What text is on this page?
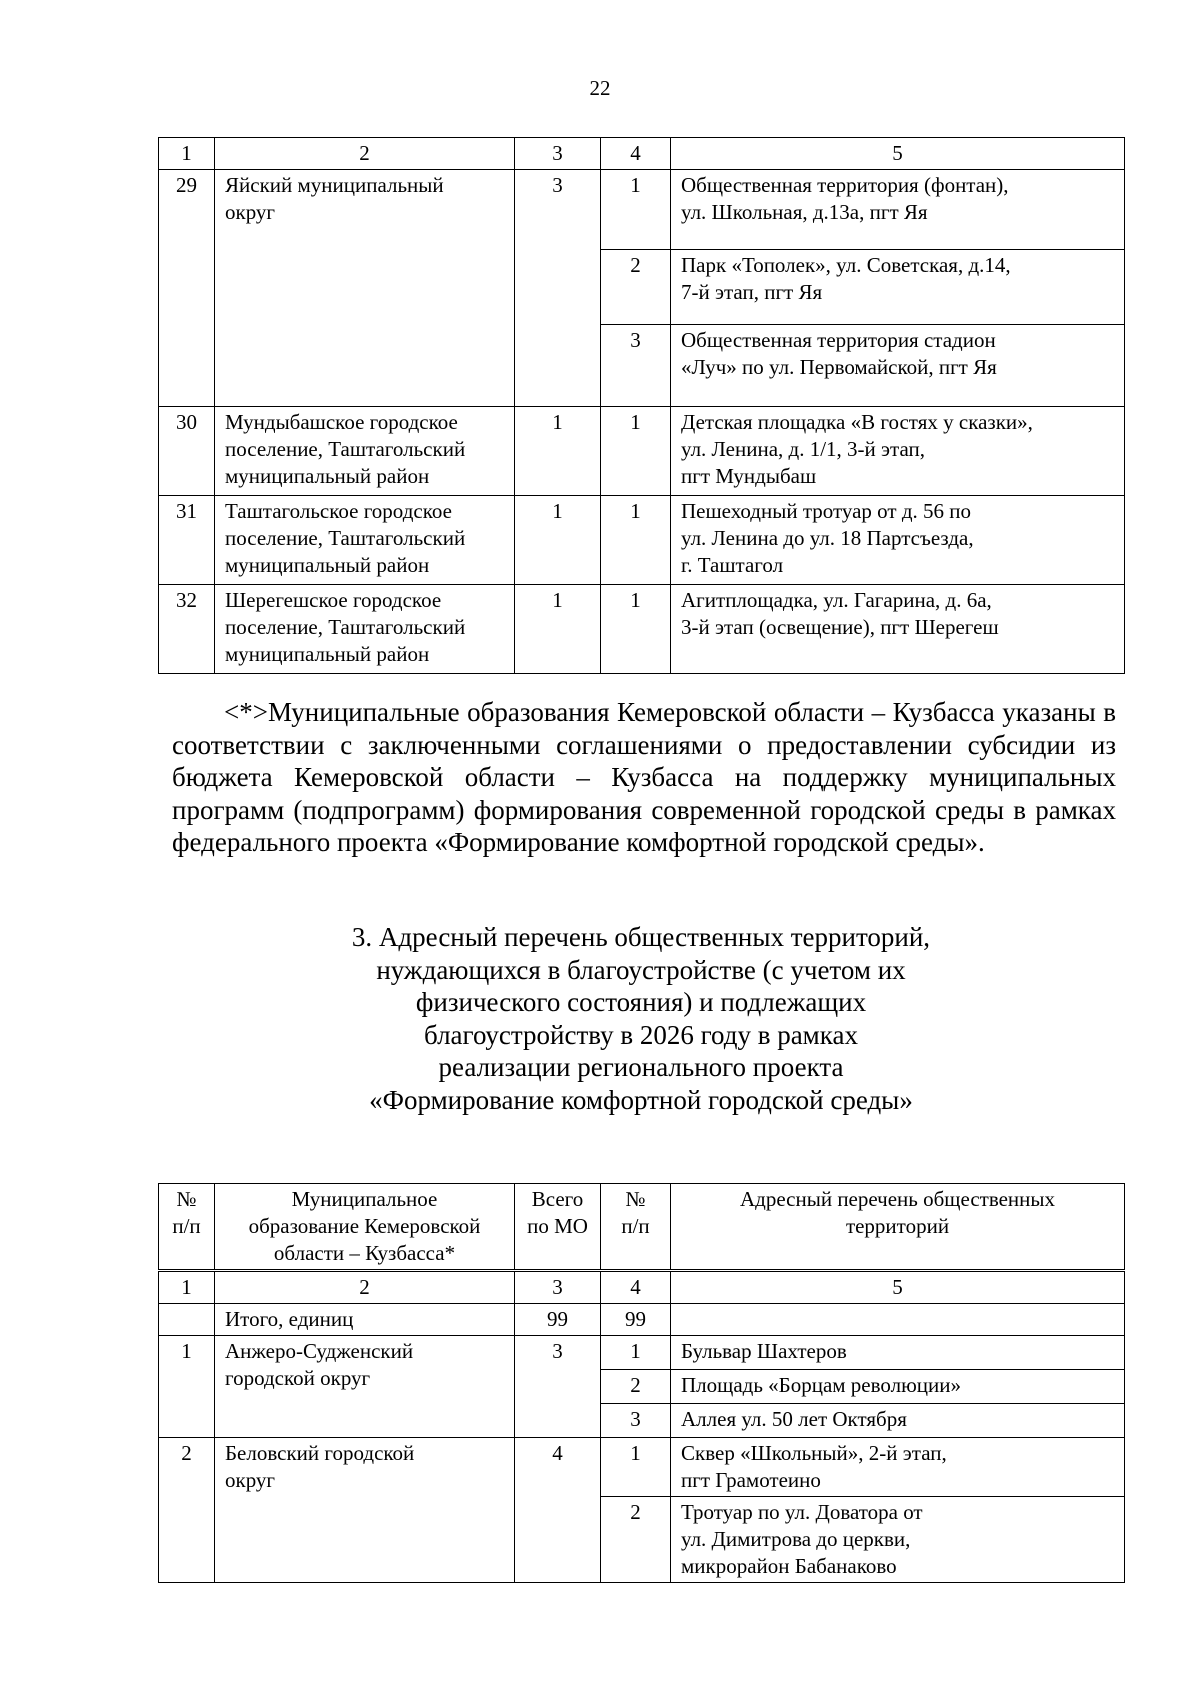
22
1	2	3	4	5

29	Яйский муниципальный
округ	3	1	Общественная территория (фонтан),
ул. Школьная, д.13а, пгт Яя

			2	Парк «Тополек», ул. Советская, д.14,
7-й этап, пгт Яя

			3	Общественная территория стадион
«Луч» по ул. Первомайской, пгт Яя

30	Мундыбашское городское
поселение, Таштагольский
муниципальный район	1	1	Детская площадка «В гостях у сказки»,
ул. Ленина, д. 1/1, 3-й этап,
пгт Мундыбаш

31	Таштагольское городское
поселение, Таштагольский
муниципальный район	1	1	Пешеходный тротуар от д. 56 по
ул. Ленина до ул. 18 Партсъезда,
г. Таштагол

32	Шерегешское городское
поселение, Таштагольский
муниципальный район	1	1	Агитплощадка, ул. Гагарина, д. 6а,
3-й этап (освещение), пгт Шерегеш
<*>Муниципальные образования Кемеровской области – Кузбасса указаны в соответствии с заключенными соглашениями о предоставлении субсидии из бюджета Кемеровской области – Кузбасса на поддержку муниципальных программ (подпрограмм) формирования современной городской среды в рамках федерального проекта «Формирование комфортной городской среды».
3. Адресный перечень общественных территорий,
нуждающихся в благоустройстве (с учетом их
физического состояния) и подлежащих
благоустройству в 2026 году в рамках
реализации регионального проекта
«Формирование комфортной городской среды»
№
п/п	Муниципальное
образование Кемеровской
области – Кузбасса*	Всего
по МО	№
п/п	Адресный перечень общественных
территорий

1	2	3	4	5

	Итого, единиц	99	99	

1	Анжеро-Судженский
городской округ	3	1	Бульвар Шахтеров

			2	Площадь «Борцам революции»

			3	Аллея ул. 50 лет Октября

2	Беловский городской
округ	4	1	Сквер «Школьный», 2-й этап,
пгт Грамотеино

			2	Тротуар по ул. Доватора от
ул. Димитрова до церкви,
микрорайон Бабанаково
